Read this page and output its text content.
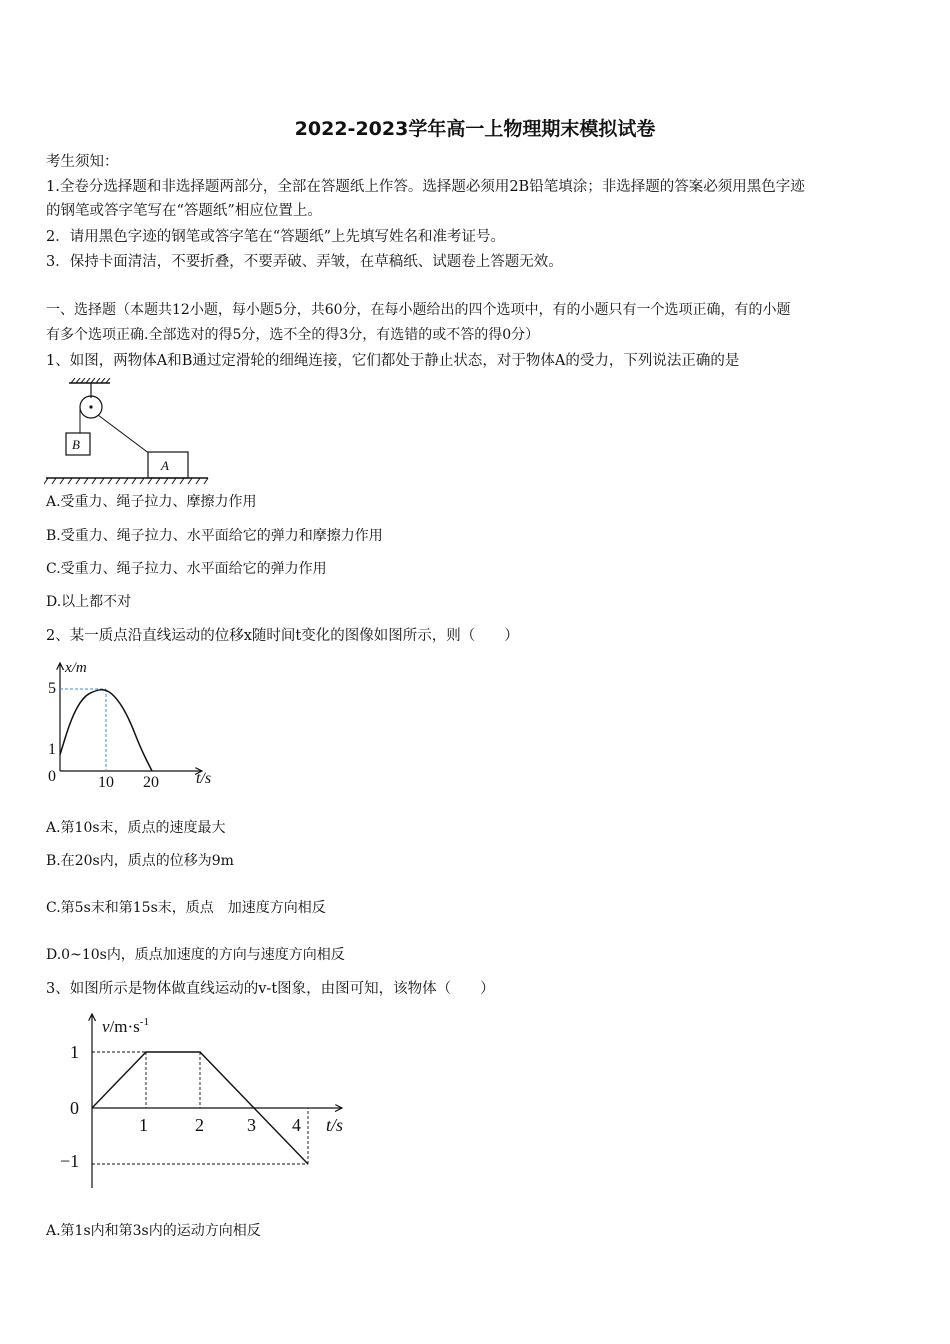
2022-2023学年高一上物理期末模拟试卷
考生须知：
1.全卷分选择题和非选择题两部分，全部在答题纸上作答。选择题必须用2B铅笔填涂；非选择题的答案必须用黑色字迹
的钢笔或答字笔写在“答题纸”相应位置上。
2．请用黑色字迹的钢笔或答字笔在“答题纸”上先填写姓名和准考证号。
3．保持卡面清洁，不要折叠，不要弄破、弄皱，在草稿纸、试题卷上答题无效。
一、选择题（本题共12小题，每小题5分，共60分，在每小题给出的四个选项中，有的小题只有一个选项正确，有的小题
有多个选项正确.全部选对的得5分，选不全的得3分，有选错的或不答的得0分）
1、如图，两物体A和B通过定滑轮的细绳连接，它们都处于静止状态，对于物体A的受力，下列说法正确的是
B
A
A.受重力、绳子拉力、摩擦力作用
B.受重力、绳子拉力、水平面给它的弹力和摩擦力作用
C.受重力、绳子拉力、水平面给它的弹力作用
D.以上都不对
2、某一质点沿直线运动的位移x随时间t变化的图像如图所示，则（　　）
x/m
t/s
0	10 20
1
5
A.第10s末，质点的速度最大
B.在20s内，质点的位移为9m
C.第5s末和第15s末，质点　加速度方向相反
D.0~10s内，质点加速度的方向与速度方向相反
3、如图所示是物体做直线运动的v-t图象，由图可知，该物体（　　）
$v/m\cdot s^{-1}$
t/s
1	2 3 4
1
0
−1
A.第1s内和第3s内的运动方向相反
